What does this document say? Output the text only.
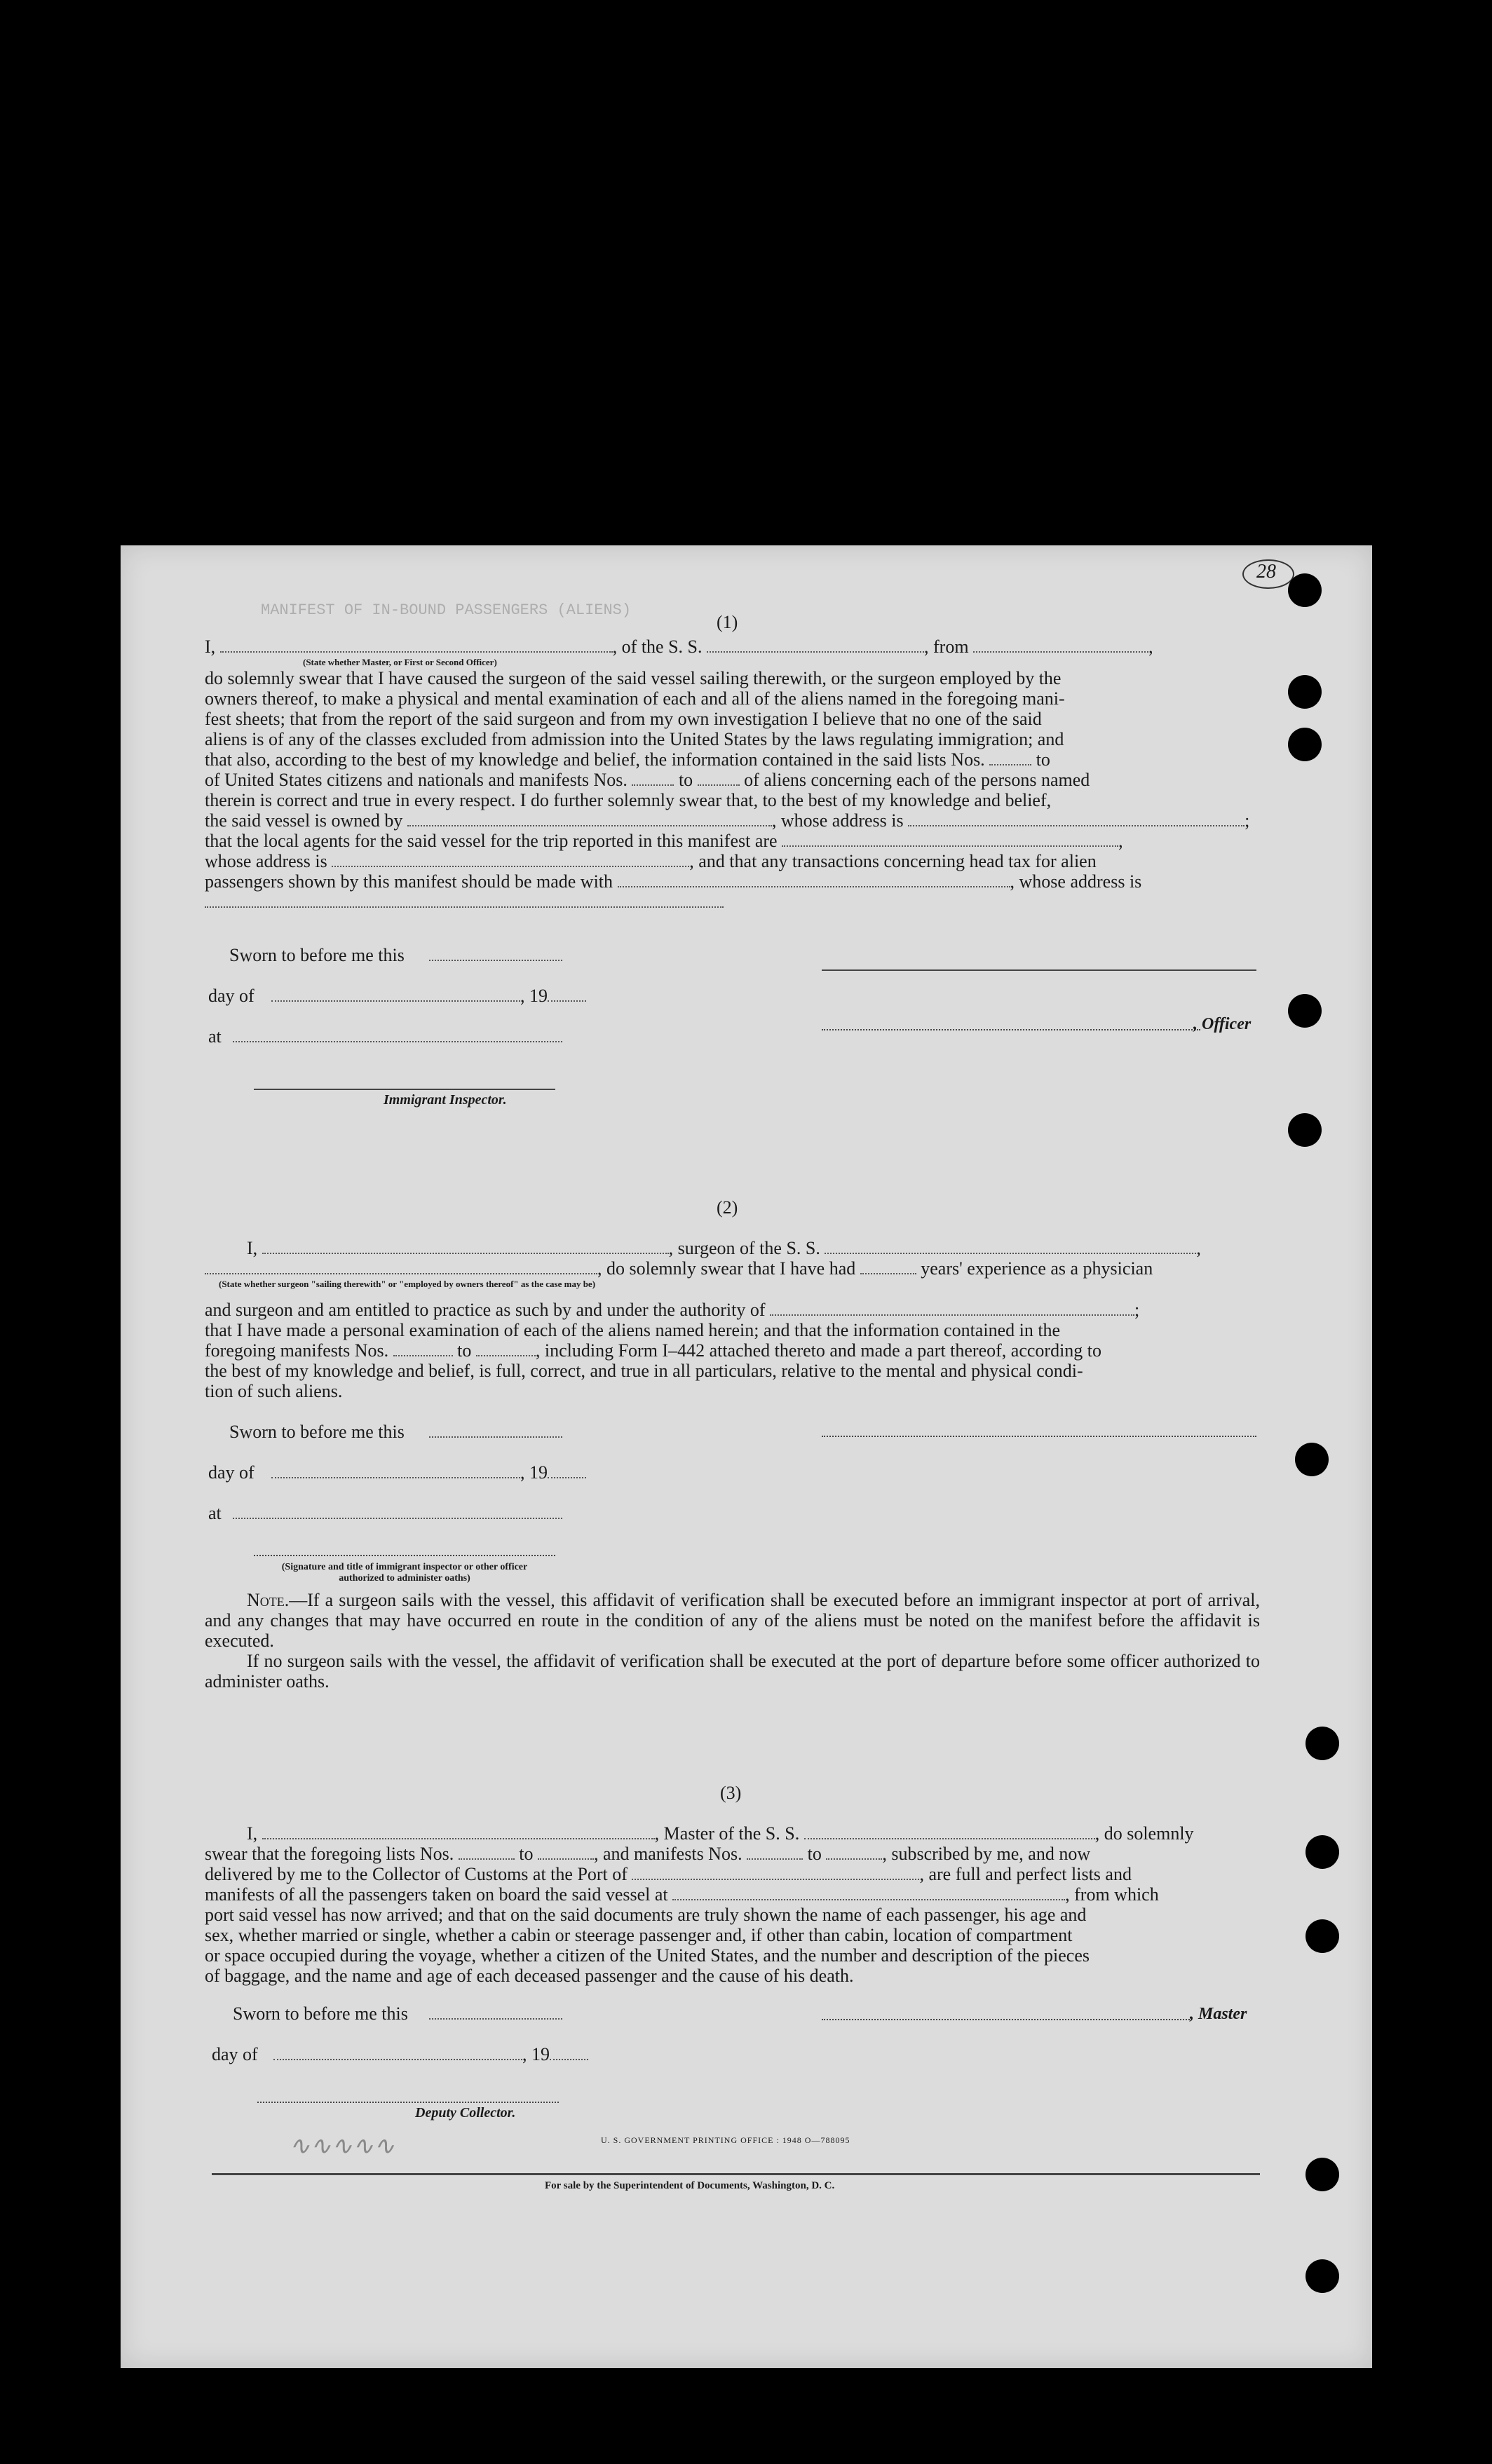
28
MANIFEST OF IN-BOUND PASSENGERS (ALIENS)
(1)
I,	, of the S. S.	, from	,
(State whether Master, or First or Second Officer)
do solemnly swear that I have caused the surgeon of the said vessel sailing therewith, or the surgeon employed by the
owners thereof, to make a physical and mental examination of each and all of the aliens named in the foregoing mani-
fest sheets; that from the report of the said surgeon and from my own investigation I believe that no one of the said
aliens is of any of the classes excluded from admission into the United States by the laws regulating immigration; and
that also, according to the best of my knowledge and belief, the information contained in the said lists Nos.	to
of United States citizens and nationals and manifests Nos.	to	of aliens concerning each of the persons named
therein is correct and true in every respect. I do further solemnly swear that, to the best of my knowledge and belief,
the said vessel is owned by	, whose address is	;
that the local agents for the said vessel for the trip reported in this manifest are	,
whose address is	, and that any transactions concerning head tax for alien
passengers shown by this manifest should be made with	, whose address is
Sworn to before me this
day of	, 19
at
Immigrant Inspector.
, Officer
(2)
I,	, surgeon of the S. S.	,
, do solemnly swear that I have had	years' experience as a physician
(State whether surgeon "sailing therewith" or "employed by owners thereof" as the case may be)
and surgeon and am entitled to practice as such by and under the authority of	;
that I have made a personal examination of each of the aliens named herein; and that the information contained in the
foregoing manifests Nos.	to	, including Form I–442 attached thereto and made a part thereof, according to
the best of my knowledge and belief, is full, correct, and true in all particulars, relative to the mental and physical condi-
tion of such aliens.
Sworn to before me this
day of	, 19
at
(Signature and title of immigrant inspector or other officer authorized to administer oaths)
Note.—If a surgeon sails with the vessel, this affidavit of verification shall be executed before an immigrant inspector at port of arrival, and any changes that may have occurred en route in the condition of any of the aliens must be noted on the manifest before the affidavit is executed.
If no surgeon sails with the vessel, the affidavit of verification shall be executed at the port of departure before some officer authorized to administer oaths.
(3)
I,	, Master of the S. S.	, do solemnly
swear that the foregoing lists Nos.	to	, and manifests Nos.	to	, subscribed by me, and now
delivered by me to the Collector of Customs at the Port of	, are full and perfect lists and
manifests of all the passengers taken on board the said vessel at	, from which
port said vessel has now arrived; and that on the said documents are truly shown the name of each passenger, his age and
sex, whether married or single, whether a cabin or steerage passenger and, if other than cabin, location of compartment
or space occupied during the voyage, whether a citizen of the United States, and the number and description of the pieces
of baggage, and the name and age of each deceased passenger and the cause of his death.
Sworn to before me this
day of	, 19
Deputy Collector.
, Master
∿∿∿∿∿	U. S. GOVERNMENT PRINTING OFFICE : 1948 O—788095
For sale by the Superintendent of Documents, Washington, D. C.
